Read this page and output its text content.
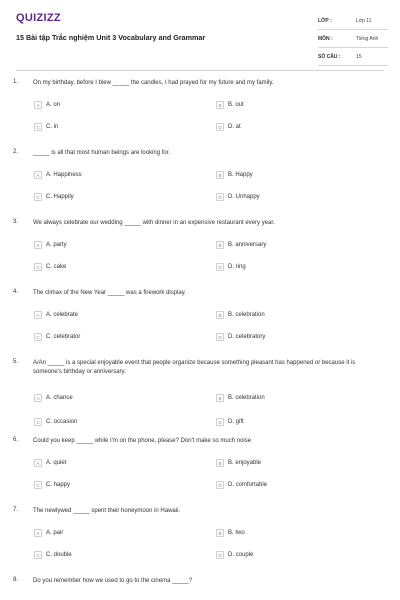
QUIZIZZ
15 Bài tập Trắc nghiệm Unit 3 Vocabulary and Grammar
LỚP :	Lớp 11
MÔN :	Tiếng Anh
SỐ CÂU :	15
1. On my birthday, before I blew _____ the candles, I had prayed for my future and my family.
A	A. on	B	B. out
C	C. in	D	D. at
2. _____ is all that most human beings are looking for.
A	A. Happiness	B	B. Happy
C	C. Happily	D	D. Unhappy
3. We always celebrate our wedding _____ with dinner in an expensive restaurant every year.
A	A. party	B	B. anniversary
C	C. cake	D	D. ring
4. The climax of the New Year _____ was a firework display.
A	A. celebrate	B	B. celebration
C	C. celebrator	D	D. celebratory
5. A/An _____ is a special enjoyable event that people organize because something pleasant has happened or because it is someone's birthday or anniversary.
A	A. chance	B	B. celebration
C	C. occasion	D	D. gift
6. Could you keep _____ while I'm on the phone, please? Don't make so much noise
A	A. quiet	B	B. enjoyable
C	C. happy	D	D. comfortable
7. The newlywed _____ spent their honeymoon in Hawaii.
A	A. pair	B	B. two
C	C. double	D	D. couple
8. Do you remember how we used to go to the cinema _____?
